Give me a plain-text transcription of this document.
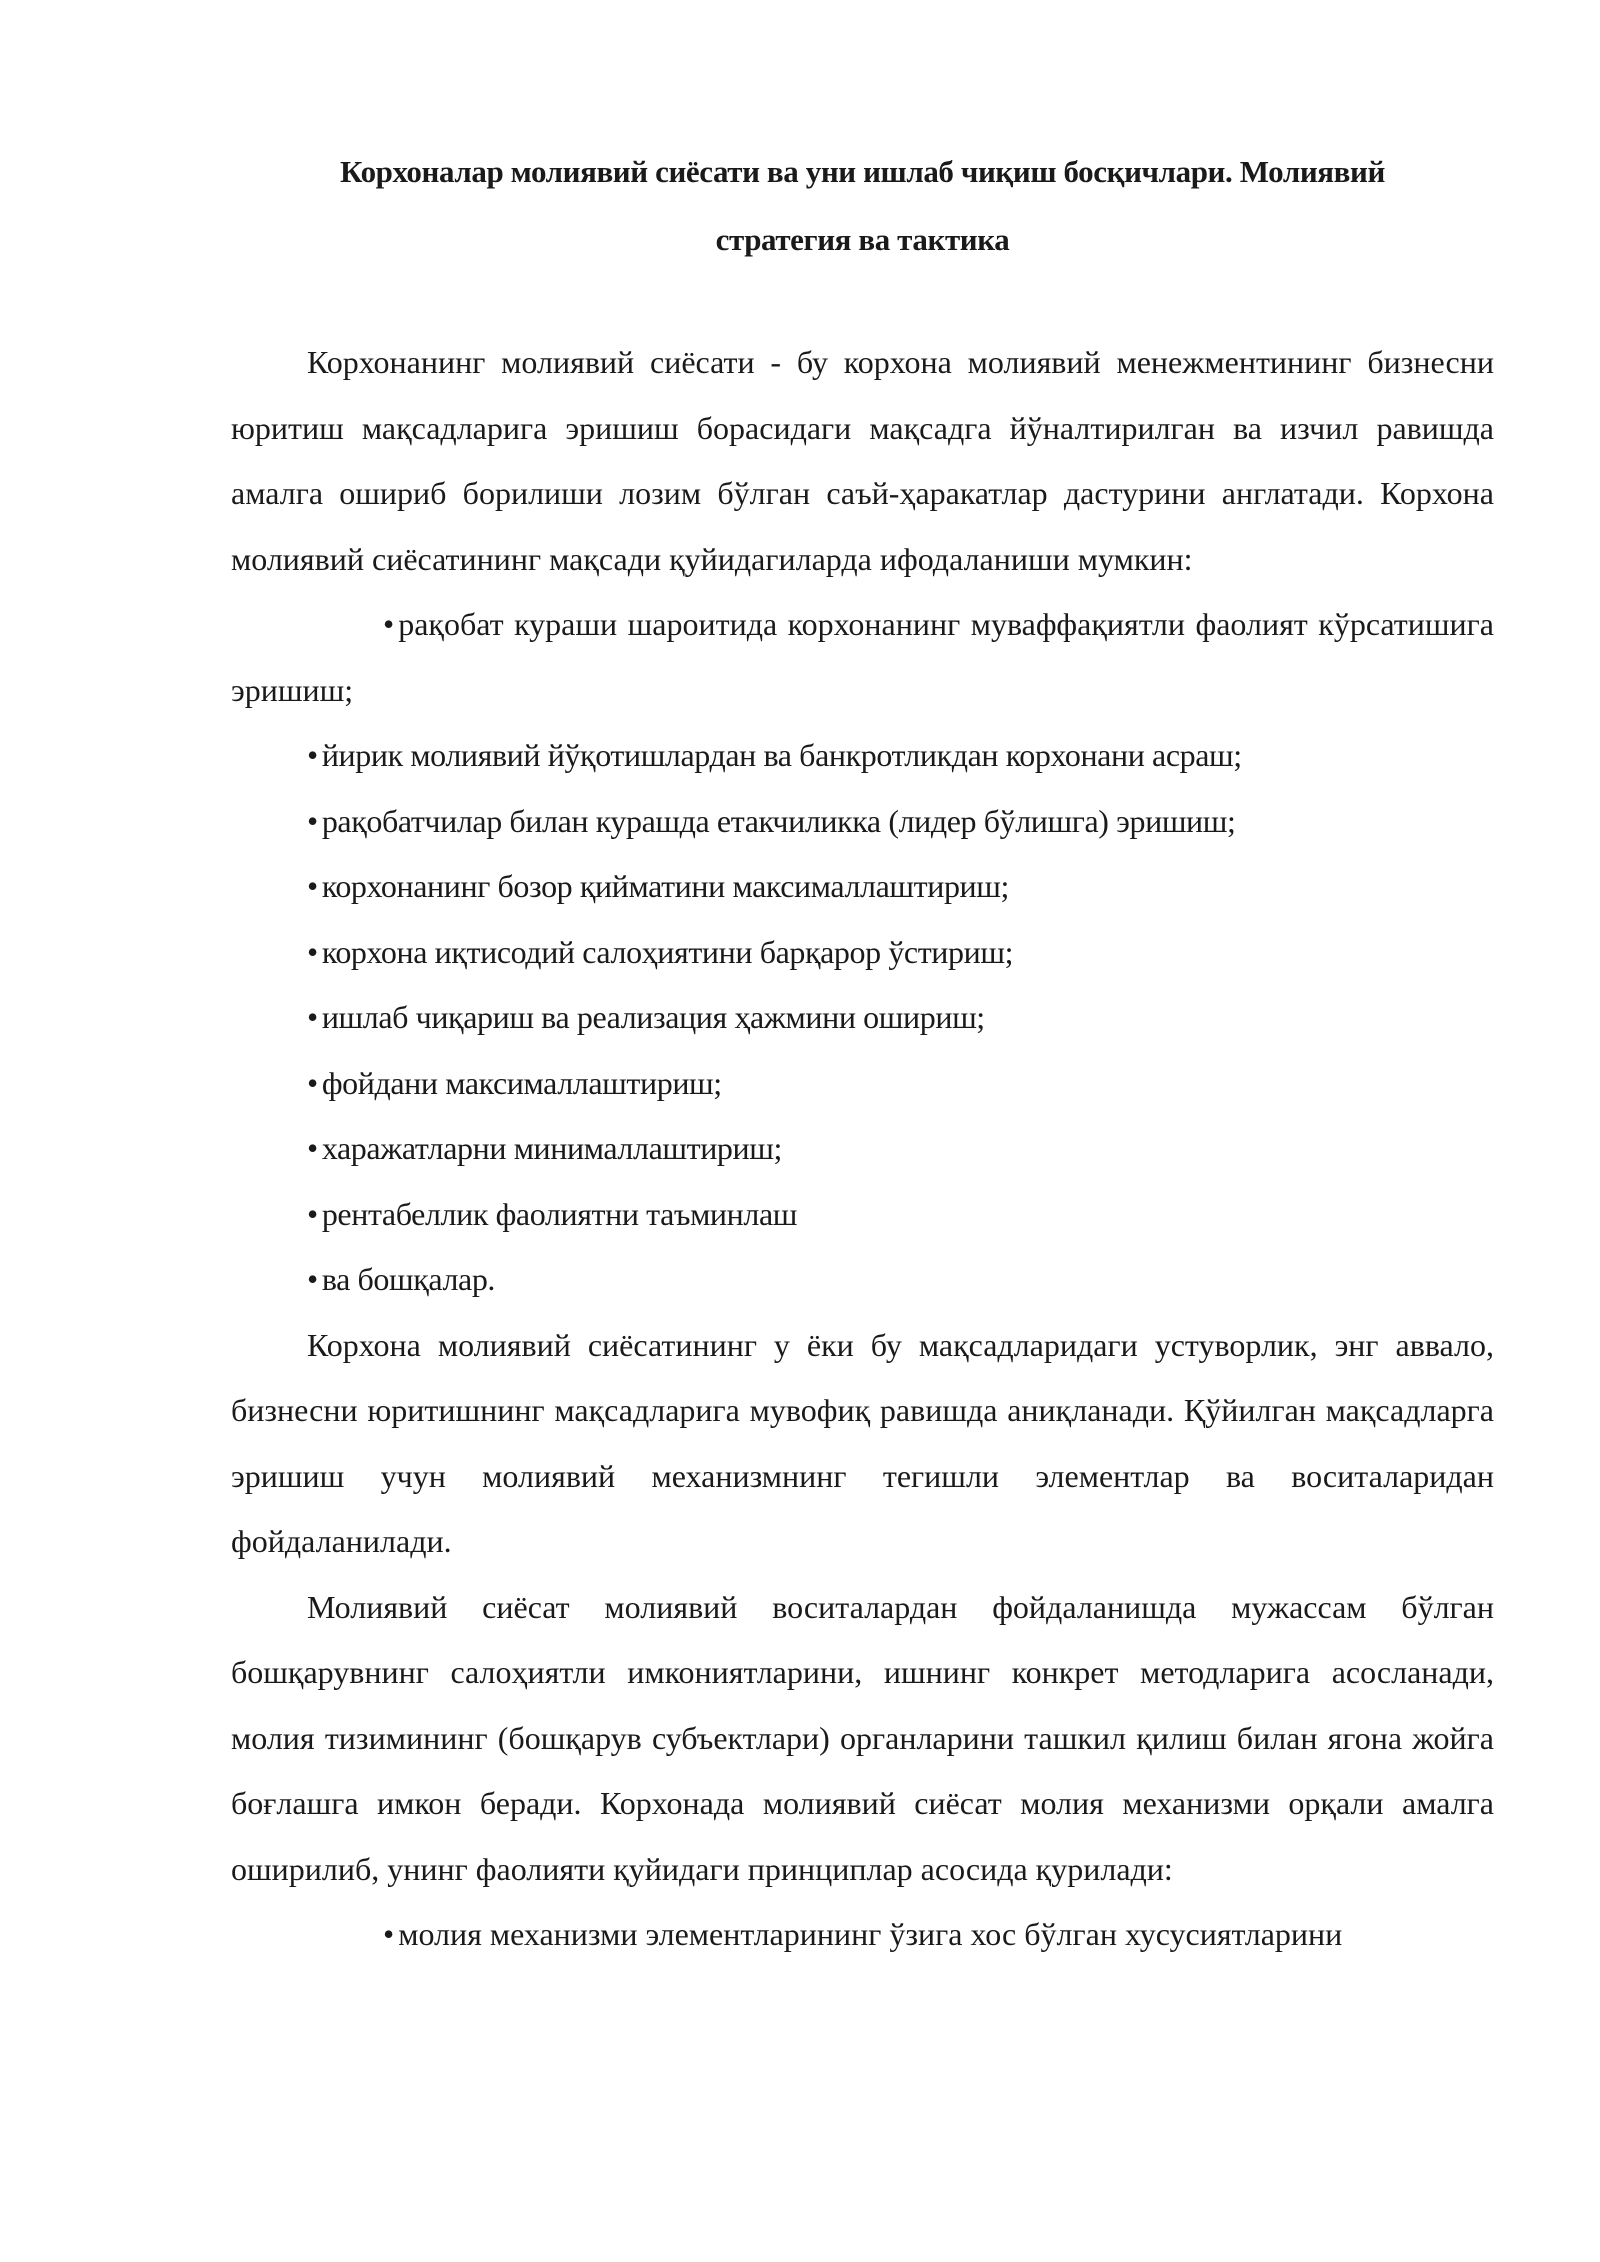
Корхоналар молиявий сиёсати ва уни ишлаб чиқиш босқичлари. Молиявий
стратегия ва тактика

Корхонанинг молиявий сиёсати - бу корхона молиявий менежментининг бизнесни юритиш мақсадларига эришиш борасидаги мақсадга йўналтирилган ва изчил равишда амалга ошириб борилиши лозим бўлган саъй-ҳаракатлар дастурини англатади. Корхона молиявий сиёсатининг мақсади қуйидагиларда ифодаланиши мумкин:

• рақобат кураши шароитида корхонанинг муваффақиятли фаолият кўрсатишига эришиш;

• йирик молиявий йўқотишлардан ва банкротликдан корхонани асраш;

• рақобатчилар билан курашда етакчиликка (лидер бўлишга) эришиш;

• корхонанинг бозор қийматини максималлаштириш;

• корхона иқтисодий салоҳиятини барқарор ўстириш;

• ишлаб чиқариш ва реализация ҳажмини ошириш;

• фойдани максималлаштириш;

• харажатларни минималлаштириш;

• рентабеллик фаолиятни таъминлаш

• ва бошқалар.

Корхона молиявий сиёсатининг у ёки бу мақсадларидаги устуворлик, энг аввало, бизнесни юритишнинг мақсадларига мувофиқ равишда аниқланади. Қўйилган мақсадларга эришиш учун молиявий механизмнинг тегишли элементлар ва воситаларидан фойдаланилади.

Молиявий сиёсат молиявий воситалардан фойдаланишда мужассам бўлган бошқарувнинг салоҳиятли имкониятларини, ишнинг конкрет методларига асосланади, молия тизимининг (бошқарув субъектлари) органларини ташкил қилиш билан ягона жойга боғлашга имкон беради. Корхонада молиявий сиёсат молия механизми орқали амалга оширилиб, унинг фаолияти қуйидаги принциплар асосида қурилади:

• молия механизми элементларининг ўзига хос бўлган хусусиятларини
